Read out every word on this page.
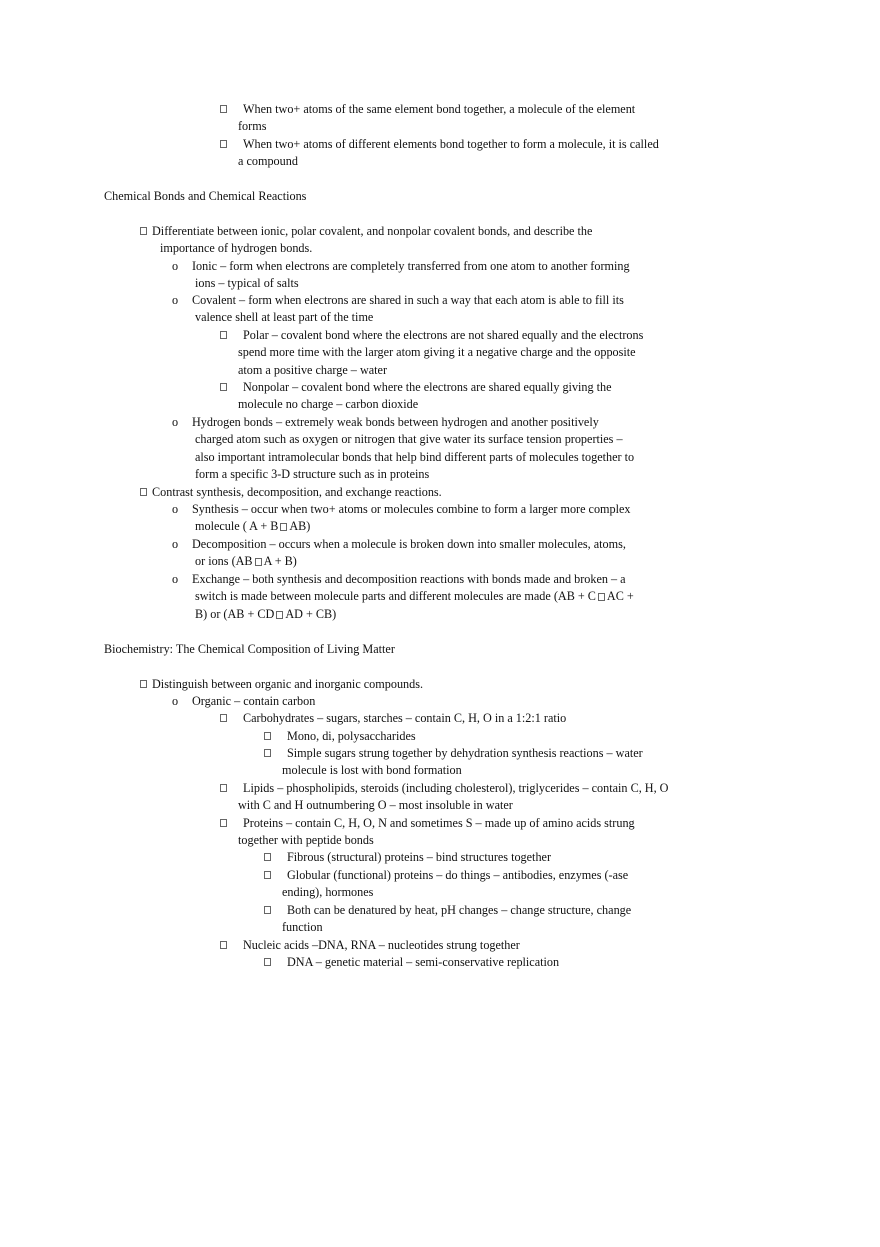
When two+ atoms of the same element bond together, a molecule of the element
forms
When two+ atoms of different elements bond together to form a molecule, it is called
a compound
Chemical Bonds and Chemical Reactions
Differentiate between ionic, polar covalent, and nonpolar covalent bonds, and describe the
importance of hydrogen bonds.
o Ionic – form when electrons are completely transferred from one atom to another forming
ions – typical of salts
o Covalent – form when electrons are shared in such a way that each atom is able to fill its
valence shell at least part of the time
Polar – covalent bond where the electrons are not shared equally and the electrons
spend more time with the larger atom giving it a negative charge and the opposite
atom a positive charge – water
Nonpolar – covalent bond where the electrons are shared equally giving the
molecule no charge – carbon dioxide
o Hydrogen bonds – extremely weak bonds between hydrogen and another positively
charged atom such as oxygen or nitrogen that give water its surface tension properties –
also important intramolecular bonds that help bind different parts of molecules together to
form a specific 3-D structure such as in proteins
Contrast synthesis, decomposition, and exchange reactions.
o Synthesis – occur when two+ atoms or molecules combine to form a larger more complex
molecule ( A + B AB)
o Decomposition – occurs when a molecule is broken down into smaller molecules, atoms,
or ions (AB A + B)
o Exchange – both synthesis and decomposition reactions with bonds made and broken – a
switch is made between molecule parts and different molecules are made (AB + C AC +
B) or (AB + CD AD + CB)
Biochemistry: The Chemical Composition of Living Matter
Distinguish between organic and inorganic compounds.
o Organic – contain carbon
Carbohydrates – sugars, starches – contain C, H, O in a 1:2:1 ratio
Mono, di, polysaccharides
Simple sugars strung together by dehydration synthesis reactions – water
molecule is lost with bond formation
Lipids – phospholipids, steroids (including cholesterol), triglycerides – contain C, H, O
with C and H outnumbering O – most insoluble in water
Proteins – contain C, H, O, N and sometimes S – made up of amino acids strung
together with peptide bonds
Fibrous (structural) proteins – bind structures together
Globular (functional) proteins – do things – antibodies, enzymes (-ase
ending), hormones
Both can be denatured by heat, pH changes – change structure, change
function
Nucleic acids –DNA, RNA – nucleotides strung together
DNA – genetic material – semi-conservative replication
